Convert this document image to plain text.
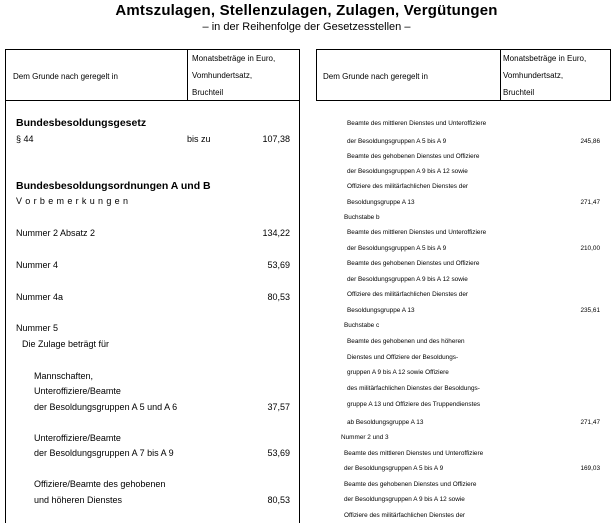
Amtszulagen, Stellenzulagen, Zulagen, Vergütungen
– in der Reihenfolge der Gesetzesstellen –
Dem Grunde nach geregelt in
Monatsbeträge in Euro,
Vomhundertsatz,
Bruchteil
Dem Grunde nach geregelt in
Monatsbeträge in Euro,
Vomhundertsatz,
Bruchteil
Bundesbesoldungsgesetz
§ 44	bis zu	107,38
Bundesbesoldungsordnungen A und B
V o r b e m e r k u n g e n
Nummer 2 Absatz 2	134,22
Nummer 4	53,69
Nummer 4a	80,53
Nummer 5
Die Zulage beträgt für
Mannschaften,
Unteroffiziere/Beamte
der Besoldungsgruppen A 5 und A 6	37,57
Unteroffiziere/Beamte
der Besoldungsgruppen A 7 bis A 9	53,69
Offiziere/Beamte des gehobenen
und höheren Dienstes	80,53
Beamte des mittleren Dienstes und Unteroffiziere
der Besoldungsgruppen A 5 bis A 9	245,86
Beamte des gehobenen Dienstes und Offiziere
der Besoldungsgruppen A 9 bis A 12 sowie
Offiziere des militärfachlichen Dienstes der
Besoldungsgruppe A 13	271,47
Buchstabe b
Beamte des mittleren Dienstes und Unteroffiziere
der Besoldungsgruppen A 5 bis A 9	210,00
Beamte des gehobenen Dienstes und Offiziere
der Besoldungsgruppen A 9 bis A 12 sowie
Offiziere des militärfachlichen Dienstes der
Besoldungsgruppe A 13	235,61
Buchstabe c
Beamte des gehobenen und des höheren
Dienstes und Offiziere der Besoldungs-
gruppen A 9 bis A 12 sowie Offiziere
des militärfachlichen Dienstes der Besoldungs-
gruppe A 13 und Offiziere des Truppendienstes
ab Besoldungsgruppe A 13	271,47
Nummer 2 und 3
Beamte des mittleren Dienstes und Unteroffiziere
der Besoldungsgruppen A 5 bis A 9	169,03
Beamte des gehobenen Dienstes und Offiziere
der Besoldungsgruppen A 9 bis A 12 sowie
Offiziere des militärfachlichen Dienstes der
